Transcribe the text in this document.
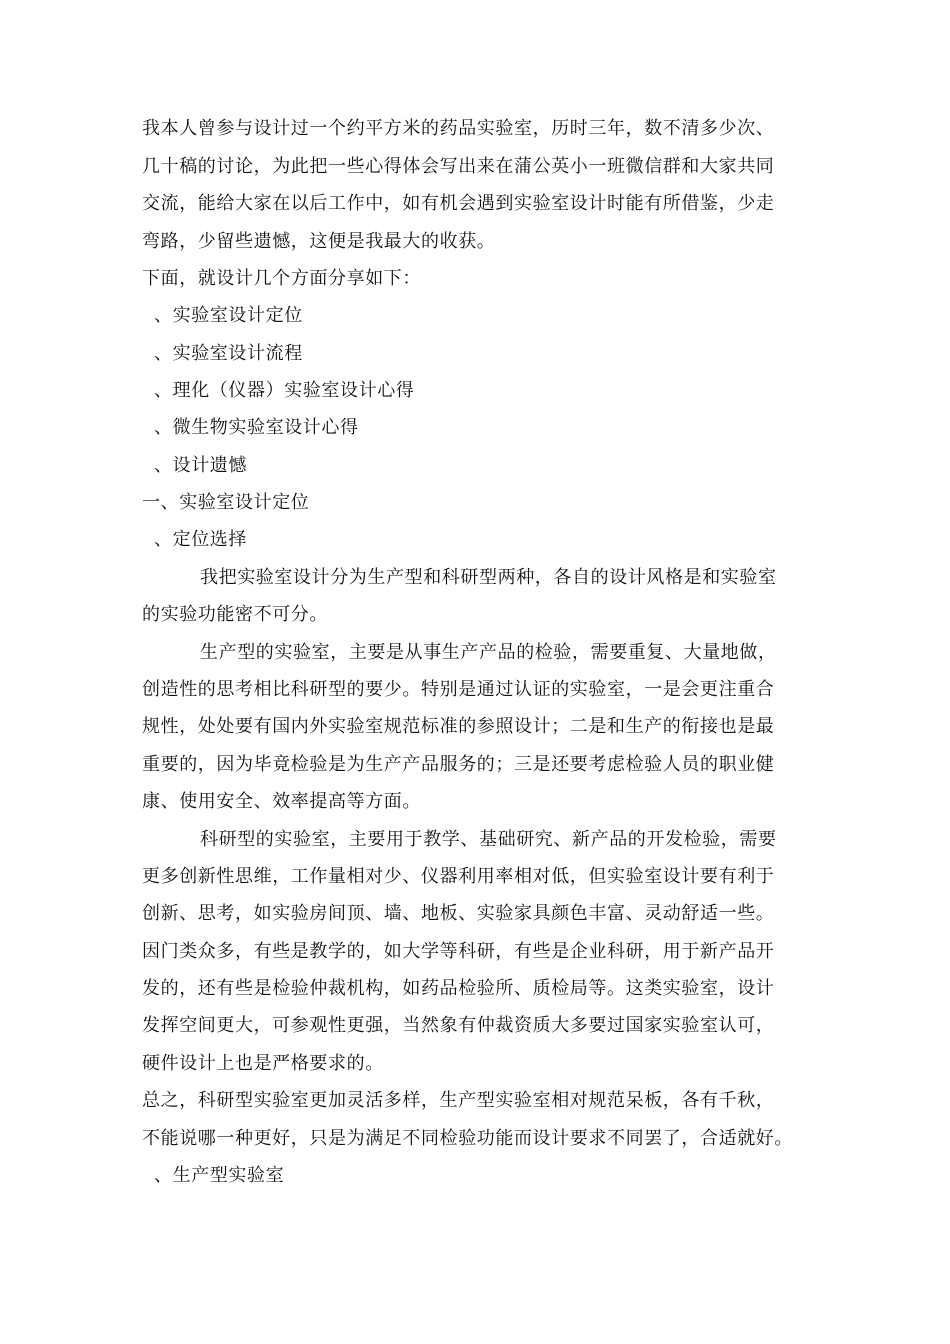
我本人曾参与设计过一个约平方米的药品实验室，历时三年，数不清多少次、
几十稿的讨论，为此把一些心得体会写出来在蒲公英小一班微信群和大家共同
交流，能给大家在以后工作中，如有机会遇到实验室设计时能有所借鉴，少走
弯路，少留些遗憾，这便是我最大的收获。
下面，就设计几个方面分享如下：
、实验室设计定位
、实验室设计流程
、理化（仪器）实验室设计心得
、微生物实验室设计心得
、设计遗憾
一、实验室设计定位
、定位选择
我把实验室设计分为生产型和科研型两种，各自的设计风格是和实验室
的实验功能密不可分。
生产型的实验室，主要是从事生产产品的检验，需要重复、大量地做，
创造性的思考相比科研型的要少。特别是通过认证的实验室，一是会更注重合
规性，处处要有国内外实验室规范标准的参照设计；二是和生产的衔接也是最
重要的，因为毕竟检验是为生产产品服务的；三是还要考虑检验人员的职业健
康、使用安全、效率提高等方面。
科研型的实验室，主要用于教学、基础研究、新产品的开发检验，需要
更多创新性思维，工作量相对少、仪器利用率相对低，但实验室设计要有利于
创新、思考，如实验房间顶、墙、地板、实验家具颜色丰富、灵动舒适一些。
因门类众多，有些是教学的，如大学等科研，有些是企业科研，用于新产品开
发的，还有些是检验仲裁机构，如药品检验所、质检局等。这类实验室，设计
发挥空间更大，可参观性更强，当然象有仲裁资质大多要过国家实验室认可，
硬件设计上也是严格要求的。
总之，科研型实验室更加灵活多样，生产型实验室相对规范呆板，各有千秋，
不能说哪一种更好，只是为满足不同检验功能而设计要求不同罢了，合适就好。
、生产型实验室
